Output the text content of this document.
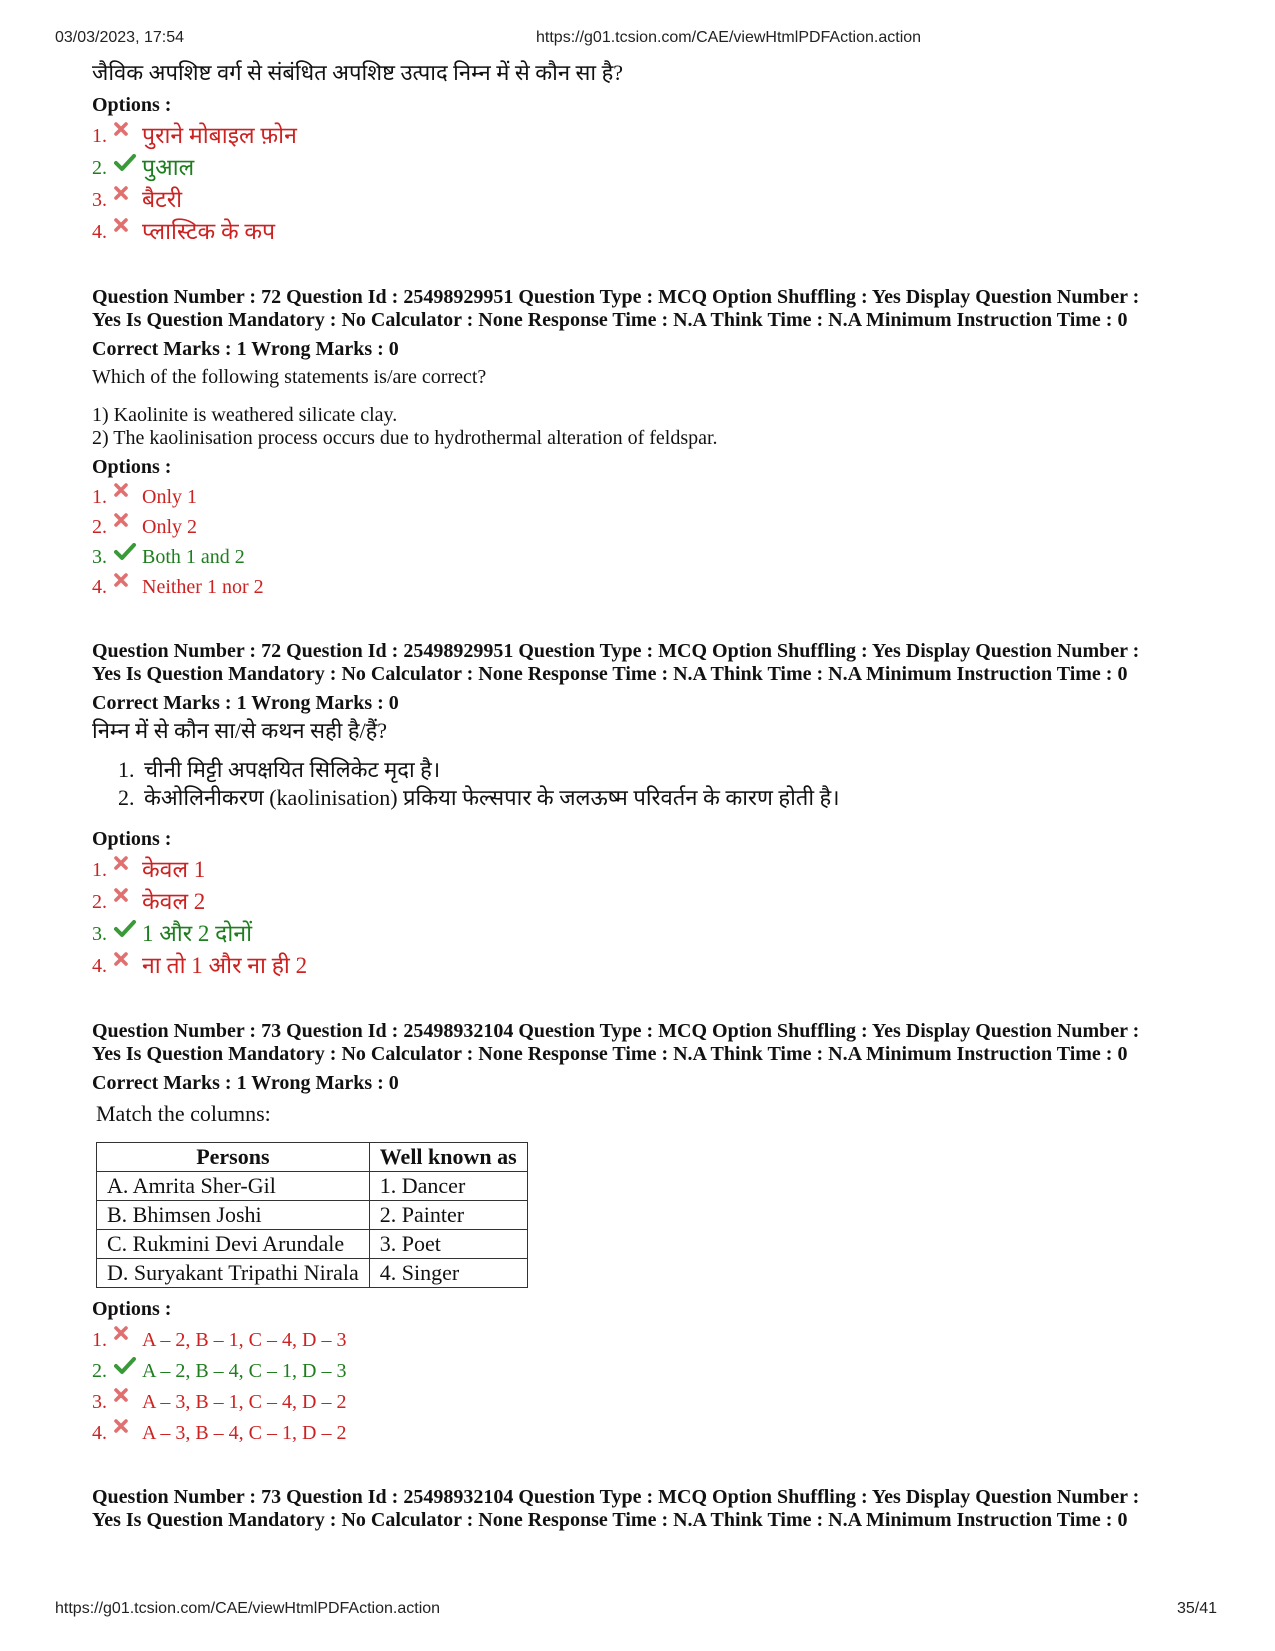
03/03/2023, 17:54	https://g01.tcsion.com/CAE/viewHtmlPDFAction.action
जैविक अपशिष्ट वर्ग से संबंधित अपशिष्ट उत्पाद निम्न में से कौन सा है?
Options :
1.	पुराने मोबाइल फ़ोन
2.	पुआल
3.	बैटरी
4.	प्लास्टिक के कप
Question Number : 72 Question Id : 25498929951 Question Type : MCQ Option Shuffling : Yes Display Question Number :
Yes Is Question Mandatory : No Calculator : None Response Time : N.A Think Time : N.A Minimum Instruction Time : 0
Correct Marks : 1 Wrong Marks : 0
Which of the following statements is/are correct?
1) Kaolinite is weathered silicate clay.
2) The kaolinisation process occurs due to hydrothermal alteration of feldspar.
Options :
1.	Only 1
2.	Only 2
3.	Both 1 and 2
4.	Neither 1 nor 2
Question Number : 72 Question Id : 25498929951 Question Type : MCQ Option Shuffling : Yes Display Question Number :
Yes Is Question Mandatory : No Calculator : None Response Time : N.A Think Time : N.A Minimum Instruction Time : 0
Correct Marks : 1 Wrong Marks : 0
निम्न में से कौन सा/से कथन सही है/हैं?
1. चीनी मिट्टी अपक्षयित सिलिकेट मृदा है।
2. केओलिनीकरण (kaolinisation) प्रकिया फेल्सपार के जलऊष्म परिवर्तन के कारण होती है।
Options :
1.	केवल 1
2.	केवल 2
3.	1 और 2 दोनों
4.	ना तो 1 और ना ही 2
Question Number : 73 Question Id : 25498932104 Question Type : MCQ Option Shuffling : Yes Display Question Number :
Yes Is Question Mandatory : No Calculator : None Response Time : N.A Think Time : N.A Minimum Instruction Time : 0
Correct Marks : 1 Wrong Marks : 0
Match the columns:
Persons	Well known as
A. Amrita Sher-Gil	1. Dancer
B. Bhimsen Joshi	2. Painter
C. Rukmini Devi Arundale	3. Poet
D. Suryakant Tripathi Nirala	4. Singer
Options :
1.	A – 2, B – 1, C – 4, D – 3
2.	A – 2, B – 4, C – 1, D – 3
3.	A – 3, B – 1, C – 4, D – 2
4.	A – 3, B – 4, C – 1, D – 2
Question Number : 73 Question Id : 25498932104 Question Type : MCQ Option Shuffling : Yes Display Question Number :
Yes Is Question Mandatory : No Calculator : None Response Time : N.A Think Time : N.A Minimum Instruction Time : 0
https://g01.tcsion.com/CAE/viewHtmlPDFAction.action	35/41
